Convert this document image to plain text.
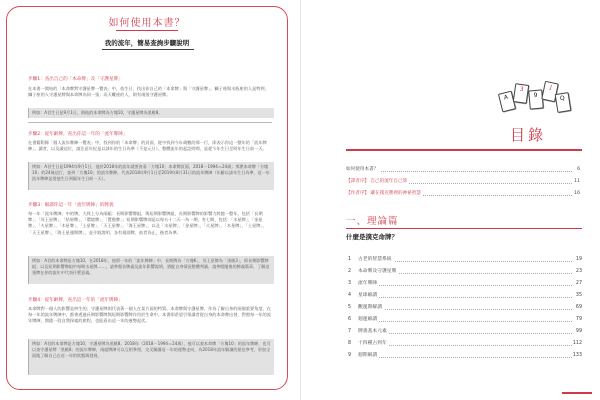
如何使用本書？
我的流年，簡易查詢步驟說明
步驟1：查出自己的「本命牌」及「守護星牌」
在本書一開始的「本命牌對守護星牌一覽表」中，依生日，找出你自己的「本命牌」與「守護星牌」。獅子座與水瓶座的人是特例，獅子座的人守護星牌與本命牌為同一張；而天蠍座的人，則有兩張守護星牌。
例如：A君生日是9月1日，則他的本命牌為方塊10，守護星牌為黑桃8。
步驟2：從年齡牌，查出你這一年的「流年牌陣」
在書籍附錄「個人流年牌陣一覽表」中，找到你的「本命牌」的頁面，從中找到今年歲數的那一行，即表示你這一整年的「流年牌陣」。讀者，以及讀這位，請注意年紀是以該年的生日為準（不是元旦）。整體流年的起訖時間，是從今年生日至明年生日前一天。
例如：A君生日是1994年9月1日，他於2018年的流年就要查看「方塊10」本命牌頁面，2018－1994＝24歲；那麼本命牌「方塊10」的24歲這行，查到「方塊10」的流年牌陣，代表2018年9月1日至2019年8月31日的流年牌陣（年齡以該年生日為準，這一年流年牌陣是從他生日到隔年生日前一天）。
步驟3：解讀你這一年「流年牌陣」的牌義
每一年「流年牌陣」中的牌，大致上分為兩組：長期影響牌組，與短期影響牌組，長期影響牌的影響力跨越一整年，包括「長期牌」、「冥王星牌」、「結果牌」、「環境牌」、「置換牌」；短期影響牌則是以每五十二天一為一期，有七期，包括：「水星牌」、「金星牌」、「火星牌」、「木星牌」、「土星牌」、「天王星牌」、「海王星牌」，以及「水星牌」、「金星牌」、「火星牌」、「木星牌」、「土星牌」、「天王星牌」、「海王星運期牌」，並介紹說明，各有規則牌，前者為止，後者為準。
例如：A君的本命牌是方塊10，在2018年，他那一年的「流年牌陣」中，長期牌為「方塊K」，冥王星牌為「黑桃3」，即長期影響牌組；以及短期影響牌組中每期水星牌……，請參閱各牌義及流年影響說明，搭配自身情況整體判讀。請參閱隨後的牌義篇章，了解這張牌在你的流年中代表什麼意義。
步驟4：從年齡牌，查出這一年的「流年牌陣」
本命牌對一個人的影響是終生的；守護星牌則代表著一個人在某方面的特質。本命牌與守護星牌，作為了解自身的兩個重要角度，在每一年的流年牌陣中，都會透過長期影響牌與短期影響牌作用於生命中。本書即希望引領讀者從自身的本命牌出發，對照每一年的流年牌陣，開啟一段自我探索的旅程，也能看出這一年的運勢起伏。
例如：A君的本命牌是方塊10，守護星牌為黑桃8。2018年（2018－1994＝24歲），他可以查本命牌「方塊10」的流年牌陣，也可以查守護星牌「黑桃8」的流年牌陣，兩組牌陣可以互相參照，交叉解讀這一年的運勢走向，為2018年流年解讀的最佳參考，更加全面地了解自己在這一年的狀態與發展。
A
3
9
J
Q
目錄
如何使用本書？	6
【譯者序】 自己的流年自己算	11
【作者序】 藏在撲克牌裡的神祕智慧	16
一、理論篇
什麼是撲克命牌？
1	古老的智慧系統	19
2	本命牌及守護星牌	23
3	流年牌陣	27
4	星球解讀	35
5	觀運期解讀	69
6	週運解讀	79
7	牌義基本元素	99
8	十四種占到年	112
9	週期解讀	133
